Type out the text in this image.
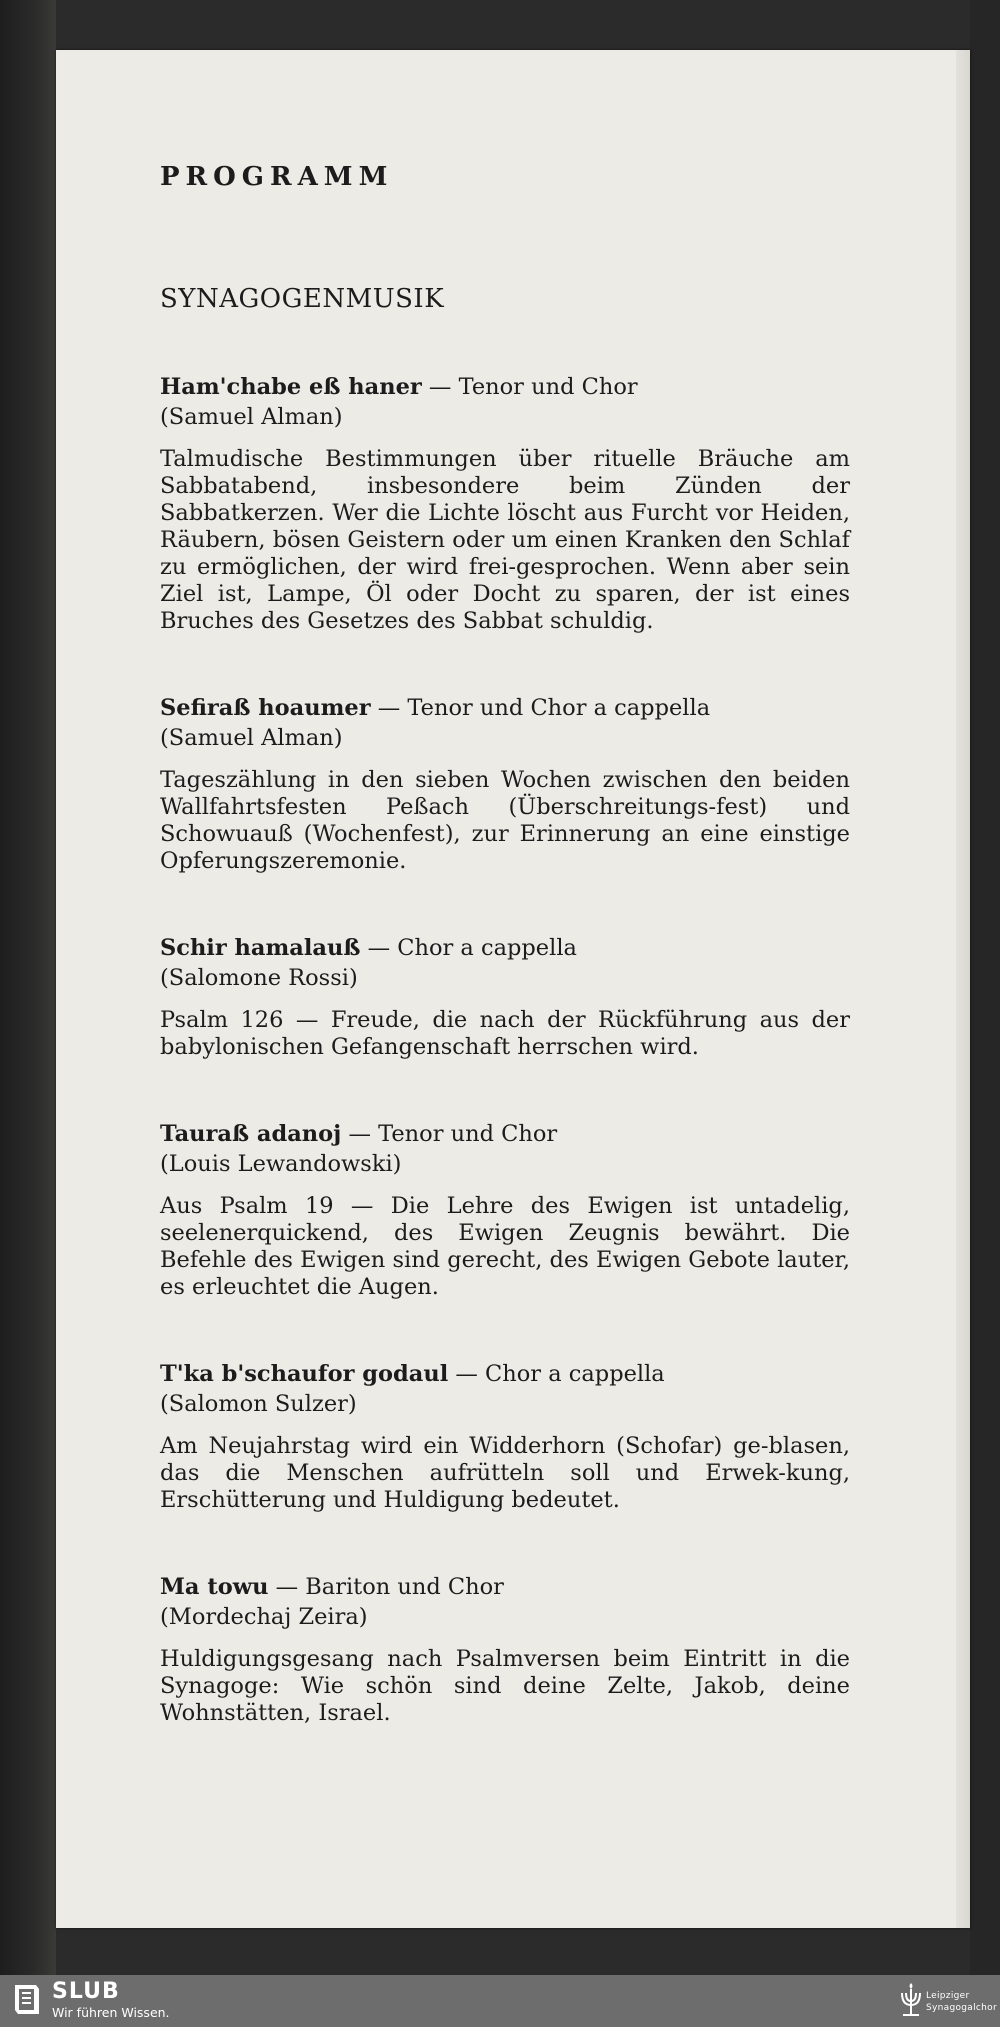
PROGRAMM
SYNAGOGENMUSIK
Ham'chabe eß haner — Tenor und Chor
(Samuel Alman)

Talmudische Bestimmungen über rituelle Bräuche am Sabbatabend, insbesondere beim Zünden der Sabbatkerzen. Wer die Lichte löscht aus Furcht vor Heiden, Räubern, bösen Geistern oder um einen Kranken den Schlaf zu ermöglichen, der wird frei-gesprochen. Wenn aber sein Ziel ist, Lampe, Öl oder Docht zu sparen, der ist eines Bruches des Gesetzes des Sabbat schuldig.

Sefiraß hoaumer — Tenor und Chor a cappella
(Samuel Alman)

Tageszählung in den sieben Wochen zwischen den beiden Wallfahrtsfesten Peßach (Überschreitungs-fest) und Schowuauß (Wochenfest), zur Erinnerung an eine einstige Opferungszeremonie.

Schir hamalauß — Chor a cappella
(Salomone Rossi)

Psalm 126 — Freude, die nach der Rückführung aus der babylonischen Gefangenschaft herrschen wird.

Tauraß adanoj — Tenor und Chor
(Louis Lewandowski)

Aus Psalm 19 — Die Lehre des Ewigen ist untadelig, seelenerquickend, des Ewigen Zeugnis bewährt. Die Befehle des Ewigen sind gerecht, des Ewigen Gebote lauter, es erleuchtet die Augen.

T'ka b'schaufor godaul — Chor a cappella
(Salomon Sulzer)

Am Neujahrstag wird ein Widderhorn (Schofar) ge-blasen, das die Menschen aufrütteln soll und Erwek-kung, Erschütterung und Huldigung bedeutet.

Ma towu — Bariton und Chor
(Mordechaj Zeira)

Huldigungsgesang nach Psalmversen beim Eintritt in die Synagoge: Wie schön sind deine Zelte, Jakob, deine Wohnstätten, Israel.

SLUB
Wir führen Wissen.
Leipziger
Synagogalchor
